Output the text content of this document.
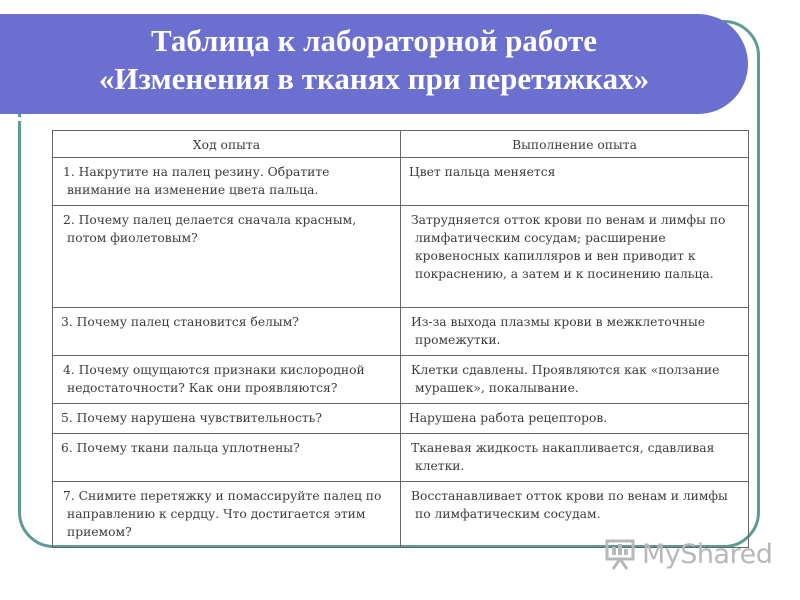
Таблица к лабораторной работе
«Изменения в тканях при перетяжках»
Ход опыта	Выполнение опыта
1. Накрутите на палец резину. Обратите внимание на изменение цвета пальца.	Цвет пальца меняется
2. Почему палец делается сначала красным, потом фиолетовым?	Затрудняется отток крови по венам и лимфы по лимфатическим сосудам; расширение кровеносных капилляров и вен приводит к покраснению, а затем и к посинению пальца.
3. Почему палец становится белым?	Из-за выхода плазмы крови в межклеточные промежутки.
4. Почему ощущаются признаки кислородной недостаточности? Как они проявляются?	Клетки сдавлены. Проявляются как «ползание мурашек», покалывание.
5. Почему нарушена чувствительность?	Нарушена работа рецепторов.
6. Почему ткани пальца уплотнены?	Тканевая жидкость накапливается, сдавливая клетки.
7. Снимите перетяжку и помассируйте палец по направлению к сердцу. Что достигается этим приемом?	Восстанавливает отток крови по венам и лимфы по лимфатическим сосудам.
MyShared
